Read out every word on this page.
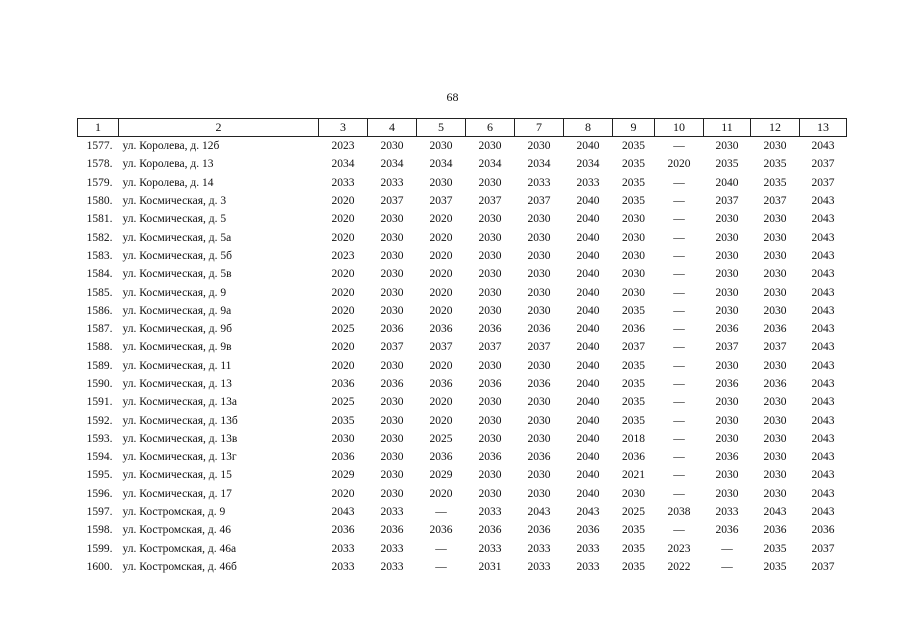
68
1	2	3	4	5	6	7	8	9	10	11	12	13
1577.	ул. Королева, д. 12б	2023	2030	2030	2030	2030	2040	2035	—	2030	2030	2043
1578.	ул. Королева, д. 13	2034	2034	2034	2034	2034	2034	2035	2020	2035	2035	2037
1579.	ул. Королева, д. 14	2033	2033	2030	2030	2033	2033	2035	—	2040	2035	2037
1580.	ул. Космическая, д. 3	2020	2037	2037	2037	2037	2040	2035	—	2037	2037	2043
1581.	ул. Космическая, д. 5	2020	2030	2020	2030	2030	2040	2030	—	2030	2030	2043
1582.	ул. Космическая, д. 5а	2020	2030	2020	2030	2030	2040	2030	—	2030	2030	2043
1583.	ул. Космическая, д. 5б	2023	2030	2020	2030	2030	2040	2030	—	2030	2030	2043
1584.	ул. Космическая, д. 5в	2020	2030	2020	2030	2030	2040	2030	—	2030	2030	2043
1585.	ул. Космическая, д. 9	2020	2030	2020	2030	2030	2040	2030	—	2030	2030	2043
1586.	ул. Космическая, д. 9а	2020	2030	2020	2030	2030	2040	2035	—	2030	2030	2043
1587.	ул. Космическая, д. 9б	2025	2036	2036	2036	2036	2040	2036	—	2036	2036	2043
1588.	ул. Космическая, д. 9в	2020	2037	2037	2037	2037	2040	2037	—	2037	2037	2043
1589.	ул. Космическая, д. 11	2020	2030	2020	2030	2030	2040	2035	—	2030	2030	2043
1590.	ул. Космическая, д. 13	2036	2036	2036	2036	2036	2040	2035	—	2036	2036	2043
1591.	ул. Космическая, д. 13а	2025	2030	2020	2030	2030	2040	2035	—	2030	2030	2043
1592.	ул. Космическая, д. 13б	2035	2030	2020	2030	2030	2040	2035	—	2030	2030	2043
1593.	ул. Космическая, д. 13в	2030	2030	2025	2030	2030	2040	2018	—	2030	2030	2043
1594.	ул. Космическая, д. 13г	2036	2030	2036	2036	2036	2040	2036	—	2036	2030	2043
1595.	ул. Космическая, д. 15	2029	2030	2029	2030	2030	2040	2021	—	2030	2030	2043
1596.	ул. Космическая, д. 17	2020	2030	2020	2030	2030	2040	2030	—	2030	2030	2043
1597.	ул. Костромская, д. 9	2043	2033	—	2033	2043	2043	2025	2038	2033	2043	2043
1598.	ул. Костромская, д. 46	2036	2036	2036	2036	2036	2036	2035	—	2036	2036	2036
1599.	ул. Костромская, д. 46а	2033	2033	—	2033	2033	2033	2035	2023	—	2035	2037
1600.	ул. Костромская, д. 46б	2033	2033	—	2031	2033	2033	2035	2022	—	2035	2037
